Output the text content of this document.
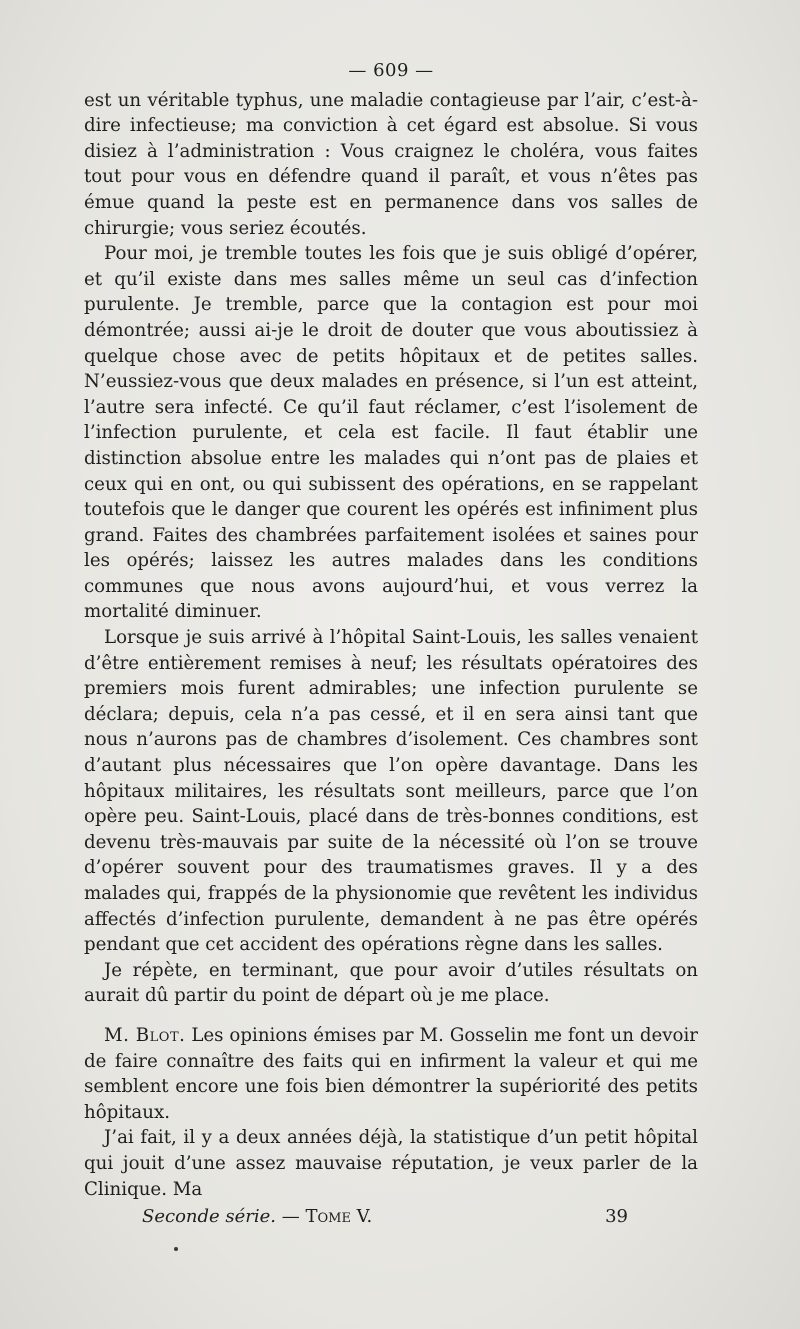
— 609 —

est un véritable typhus, une maladie contagieuse par l’air, c’est-à-dire infectieuse; ma conviction à cet égard est absolue. Si vous disiez à l’administration : Vous craignez le choléra, vous faites tout pour vous en défendre quand il paraît, et vous n’êtes pas émue quand la peste est en permanence dans vos salles de chirurgie; vous seriez écoutés.

Pour moi, je tremble toutes les fois que je suis obligé d’opérer, et qu’il existe dans mes salles même un seul cas d’infection purulente. Je tremble, parce que la contagion est pour moi démontrée; aussi ai-je le droit de douter que vous aboutissiez à quelque chose avec de petits hôpitaux et de petites salles. N’eussiez-vous que deux malades en présence, si l’un est atteint, l’autre sera infecté. Ce qu’il faut réclamer, c’est l’isolement de l’infection purulente, et cela est facile. Il faut établir une distinction absolue entre les malades qui n’ont pas de plaies et ceux qui en ont, ou qui subissent des opérations, en se rappelant toutefois que le danger que courent les opérés est infiniment plus grand. Faites des chambrées parfaitement isolées et saines pour les opérés; laissez les autres malades dans les conditions communes que nous avons aujourd’hui, et vous verrez la mortalité diminuer.

Lorsque je suis arrivé à l’hôpital Saint-Louis, les salles venaient d’être entièrement remises à neuf; les résultats opératoires des premiers mois furent admirables; une infection purulente se déclara; depuis, cela n’a pas cessé, et il en sera ainsi tant que nous n’aurons pas de chambres d’isolement. Ces chambres sont d’autant plus nécessaires que l’on opère davantage. Dans les hôpitaux militaires, les résultats sont meilleurs, parce que l’on opère peu. Saint-Louis, placé dans de très-bonnes conditions, est devenu très-mauvais par suite de la nécessité où l’on se trouve d’opérer souvent pour des traumatismes graves. Il y a des malades qui, frappés de la physionomie que revêtent les individus affectés d’infection purulente, demandent à ne pas être opérés pendant que cet accident des opérations règne dans les salles.

Je répète, en terminant, que pour avoir d’utiles résultats on aurait dû partir du point de départ où je me place.

M. Blot. Les opinions émises par M. Gosselin me font un devoir de faire connaître des faits qui en infirment la valeur et qui me semblent encore une fois bien démontrer la supériorité des petits hôpitaux.

J’ai fait, il y a deux années déjà, la statistique d’un petit hôpital qui jouit d’une assez mauvaise réputation, je veux parler de la Clinique. Ma

Seconde série. — Tome V.	39
